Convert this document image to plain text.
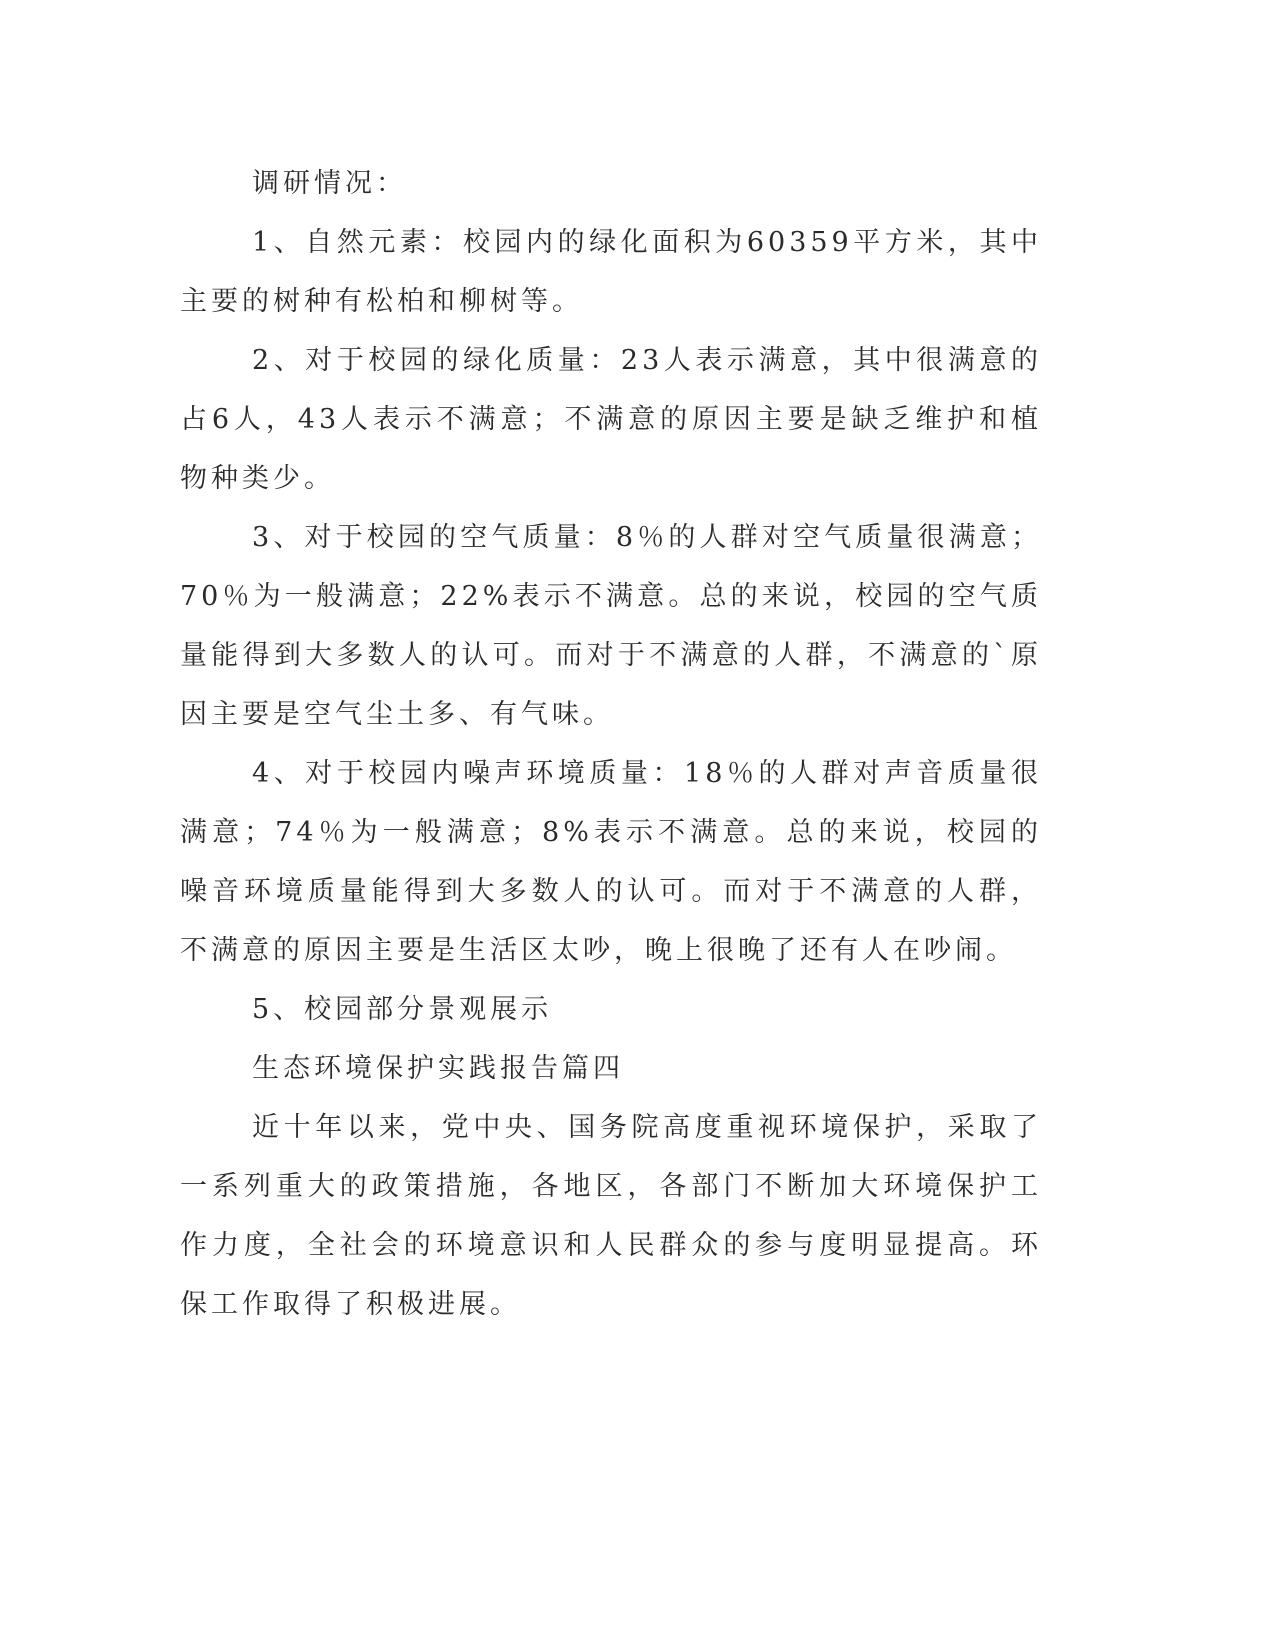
调研情况：

1、自然元素：校园内的绿化面积为60359平方米，其中主要的树种有松柏和柳树等。

2、对于校园的绿化质量：23人表示满意，其中很满意的占6人，43人表示不满意；不满意的原因主要是缺乏维护和植物种类少。

3、对于校园的空气质量：8％的人群对空气质量很满意；70％为一般满意；22%表示不满意。总的来说，校园的空气质量能得到大多数人的认可。而对于不满意的人群，不满意的`原因主要是空气尘土多、有气味。

4、对于校园内噪声环境质量：18％的人群对声音质量很满意；74％为一般满意；8%表示不满意。总的来说，校园的噪音环境质量能得到大多数人的认可。而对于不满意的人群，不满意的原因主要是生活区太吵，晚上很晚了还有人在吵闹。

5、校园部分景观展示

生态环境保护实践报告篇四

近十年以来，党中央、国务院高度重视环境保护，采取了一系列重大的政策措施，各地区，各部门不断加大环境保护工作力度，全社会的环境意识和人民群众的参与度明显提高。环保工作取得了积极进展。
